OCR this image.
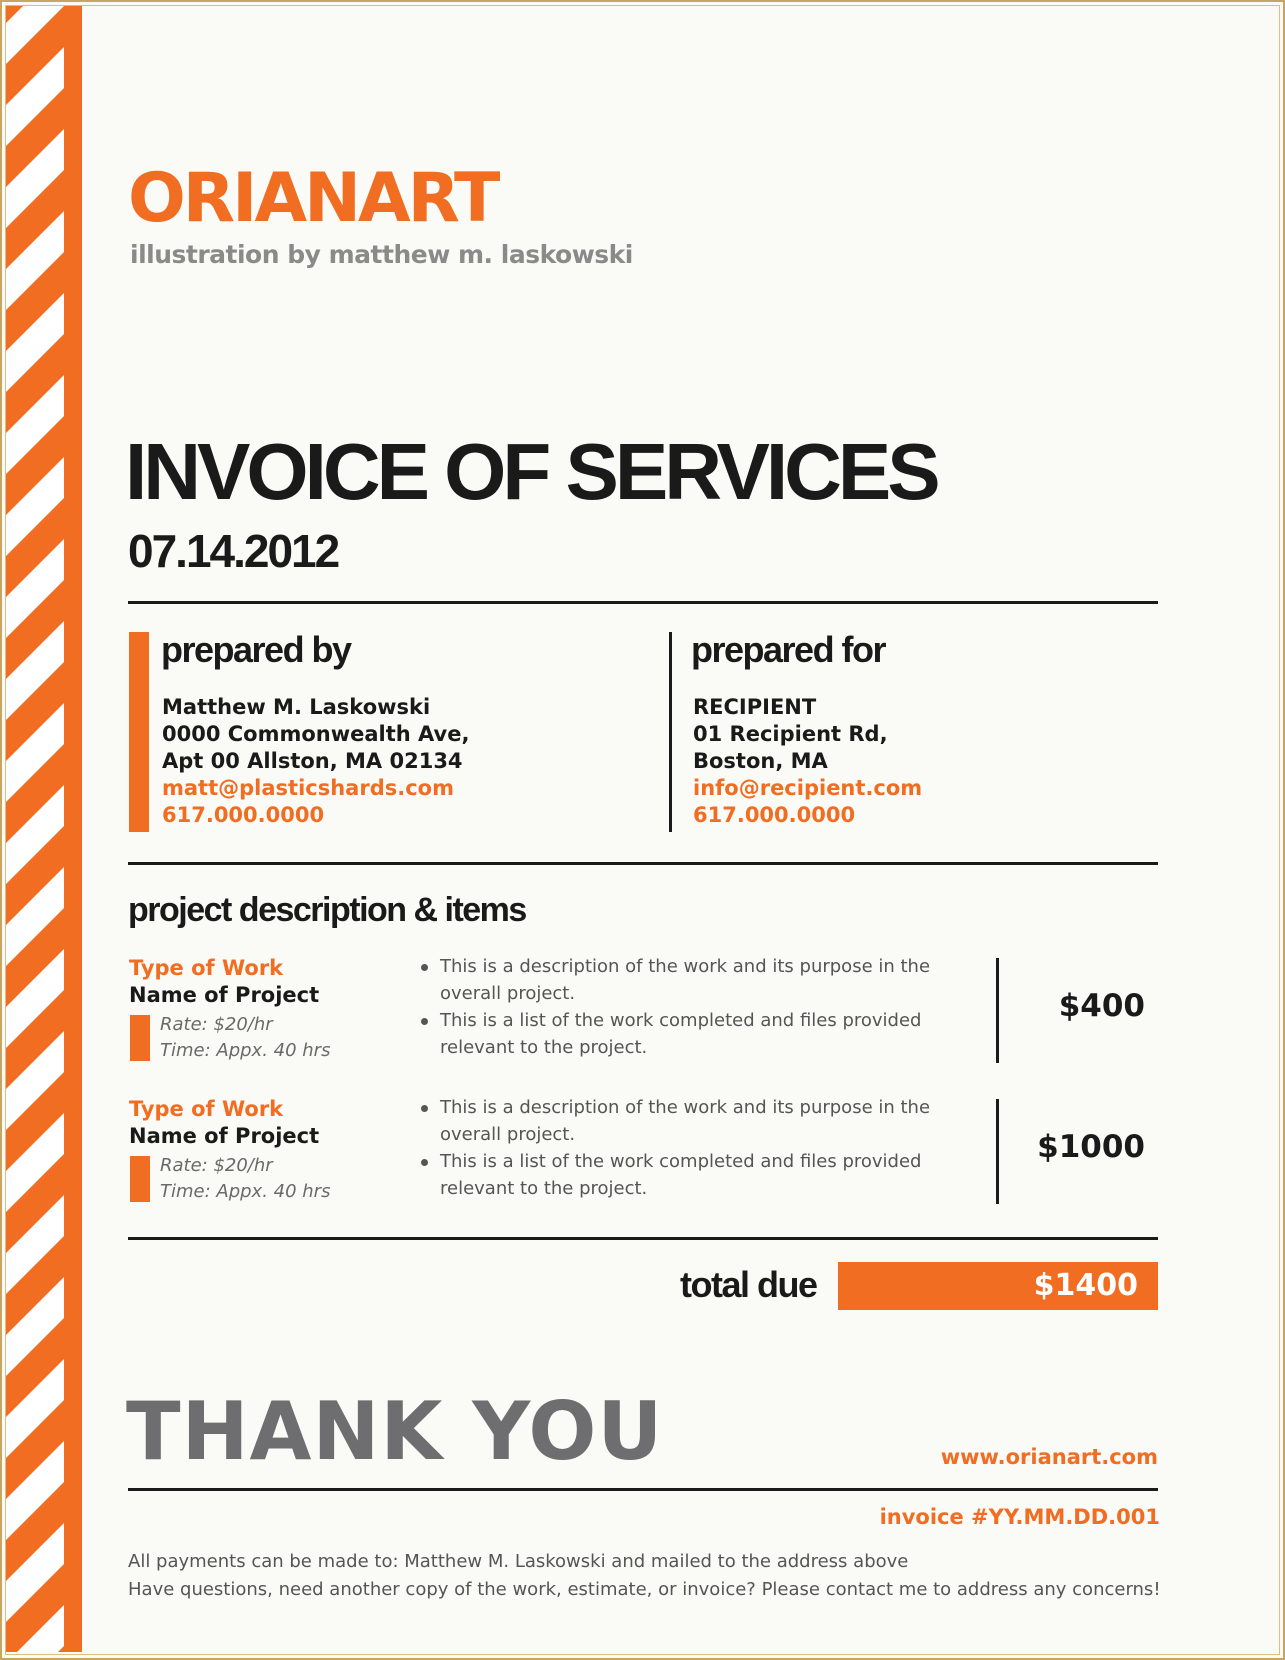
ORIANART
illustration by matthew m. laskowski
INVOICE OF SERVICES
07.14.2012
prepared by
Matthew M. Laskowski
0000 Commonwealth Ave,
Apt 00 Allston, MA 02134
matt@plasticshards.com
617.000.0000
prepared for
RECIPIENT
01 Recipient Rd,
Boston, MA
info@recipient.com
617.000.0000
project description & items
Type of Work
Name of Project
Rate: $20/hr
Time: Appx. 40 hrs
This is a description of the work and its purpose in the overall project.
This is a list of the work completed and files provided relevant to the project.
$400
Type of Work
Name of Project
Rate: $20/hr
Time: Appx. 40 hrs
This is a description of the work and its purpose in the overall project.
This is a list of the work completed and files provided relevant to the project.
$1000
total due	$1400
THANK YOU	www.orianart.com
invoice #YY.MM.DD.001
All payments can be made to: Matthew M. Laskowski and mailed to the address above
Have questions, need another copy of the work, estimate, or invoice? Please contact me to address any concerns!
